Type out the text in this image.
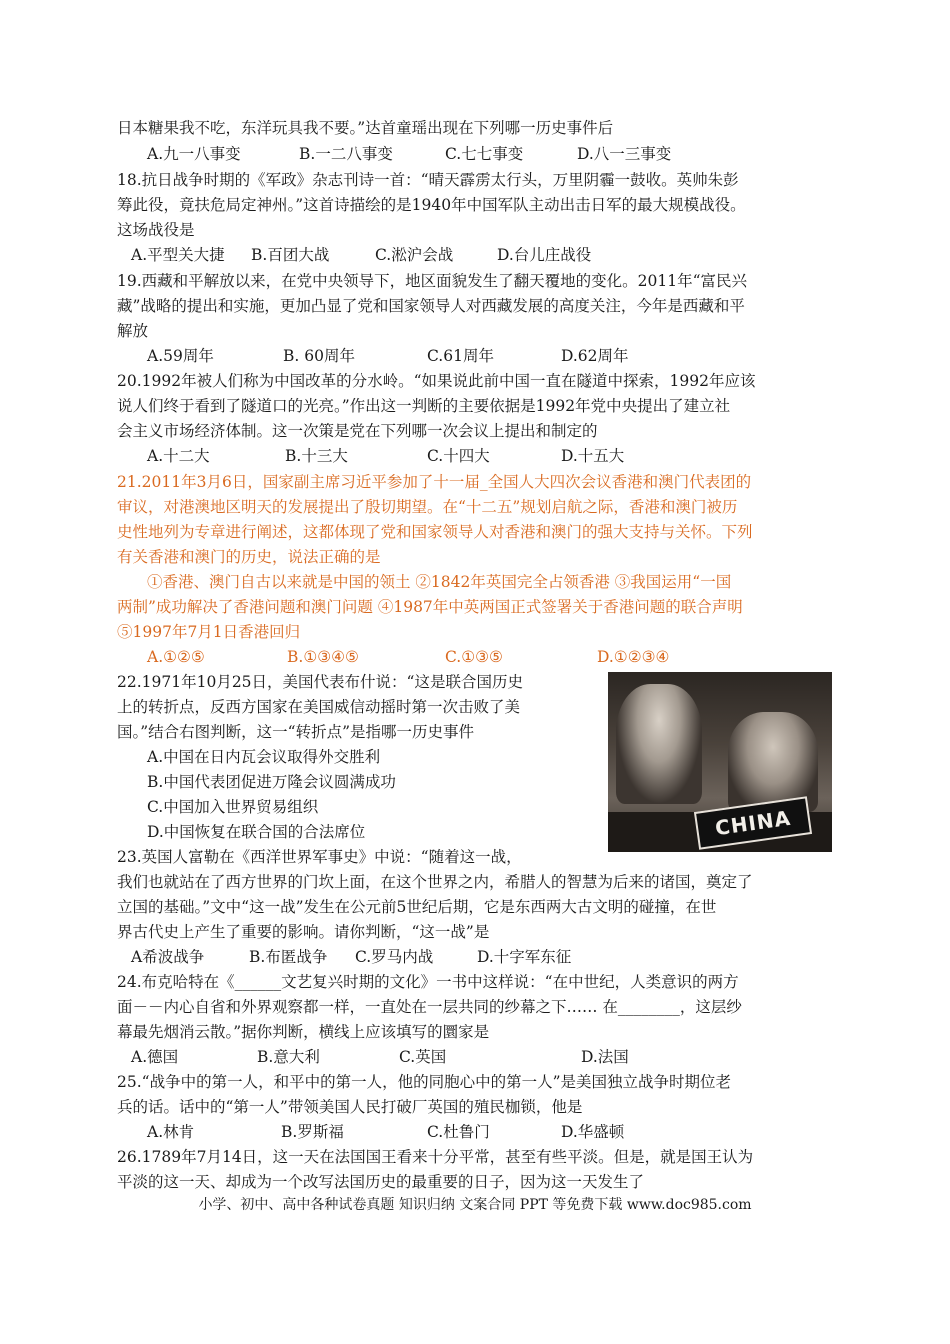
日本糖果我不吃，东洋玩具我不要。”达首童瑶出现在下列哪一历史事件后
A.九一八事变	B.一二八事变	C.七七事变	D.八一三事变
18.抗日战争时期的《军政》杂志刊诗一首：“晴天霹雳太行头，万里阴霾一鼓收。英帅朱彭
筹此役，竟扶危局定神州。”这首诗描绘的是1940年中国军队主动出击日军的最大规模战役。
这场战役是
A.平型关大捷 B.百团大战	C.淞沪会战	D.台儿庄战役
19.西藏和平解放以来，在党中央领导下，地区面貌发生了翻天覆地的变化。2011年“富民兴
藏”战略的提出和实施，更加凸显了党和国家领导人对西藏发展的高度关注，今年是西藏和平
解放
A.59周年	B. 60周年	C.61周年	D.62周年
20.1992年被人们称为中国改革的分水岭。“如果说此前中国一直在隧道中探索，1992年应该
说人们终于看到了隧道口的光亮。”作出这一判断的主要依据是1992年党中央提出了建立社
会主义市场经济体制。这一次策是党在下列哪一次会议上提出和制定的
A.十二大	B.十三大	C.十四大	D.十五大
21.2011年3月6日，国家副主席习近平参加了十一届_全国人大四次会议香港和澳门代表团的
审议，对港澳地区明天的发展提出了殷切期望。在“十二五”规划启航之际，香港和澳门被历
史性地列为专章进行阐述，这都体现了党和国家领导人对香港和澳门的强大支持与关怀。下列
有关香港和澳门的历史，说法正确的是
①香港、澳门自古以来就是中国的领土 ②1842年英国完全占领香港 ③我国运用“一国
两制”成功解决了香港问题和澳门问题 ④1987年中英两国正式签署关于香港问题的联合声明
⑤1997年7月1日香港回归
A.①②⑤	B.①③④⑤	C.①③⑤	D.①②③④
22.1971年10月25日，美国代表布什说：“这是联合国历史
上的转折点，反西方国家在美国威信动摇时第一次击败了美
国。”结合右图判断，这一“转折点”是指哪一历史事件
A.中国在日内瓦会议取得外交胜利
B.中国代表团促进万隆会议圆满成功
C.中国加入世界贸易组织
D.中国恢复在联合国的合法席位	CHINA
23.英国人富勒在《西洋世界军事史》中说：“随着这一战，
我们也就站在了西方世界的门坎上面，在这个世界之内，希腊人的智慧为后来的诸国，奠定了
立国的基础。”文中“这一战”发生在公元前5世纪后期，它是东西两大古文明的碰撞，在世
界古代史上产生了重要的影响。请你判断，“这一战”是
A希波战争	B.布匿战争 C.罗马内战	D.十字军东征
24.布克哈特在《______文艺复兴时期的文化》一书中这样说：“在中世纪，人类意识的两方
面－－内心自省和外界观察都一样，一直处在一层共同的纱幕之下…… 在________，这层纱
幕最先烟消云散。”据你判断，横线上应该填写的圜家是
A.德国	B.意大利	C.英国	D.法国
25.“战争中的第一人，和平中的第一人，他的同胞心中的第一人”是美国独立战争时期位老
兵的话。话中的“第一人”带领美国人民打破厂英国的殖民枷锁，他是
A.林肯	B.罗斯福	C.杜鲁门	D.华盛顿
26.1789年7月14日，这一天在法国国王看来十分平常，甚至有些平淡。但是，就是国王认为
平淡的这一天、却成为一个改写法国历史的最重要的日子，因为这一天发生了
小学、初中、高中各种试卷真题 知识归纳 文案合同 PPT 等免费下载 www.doc985.com
